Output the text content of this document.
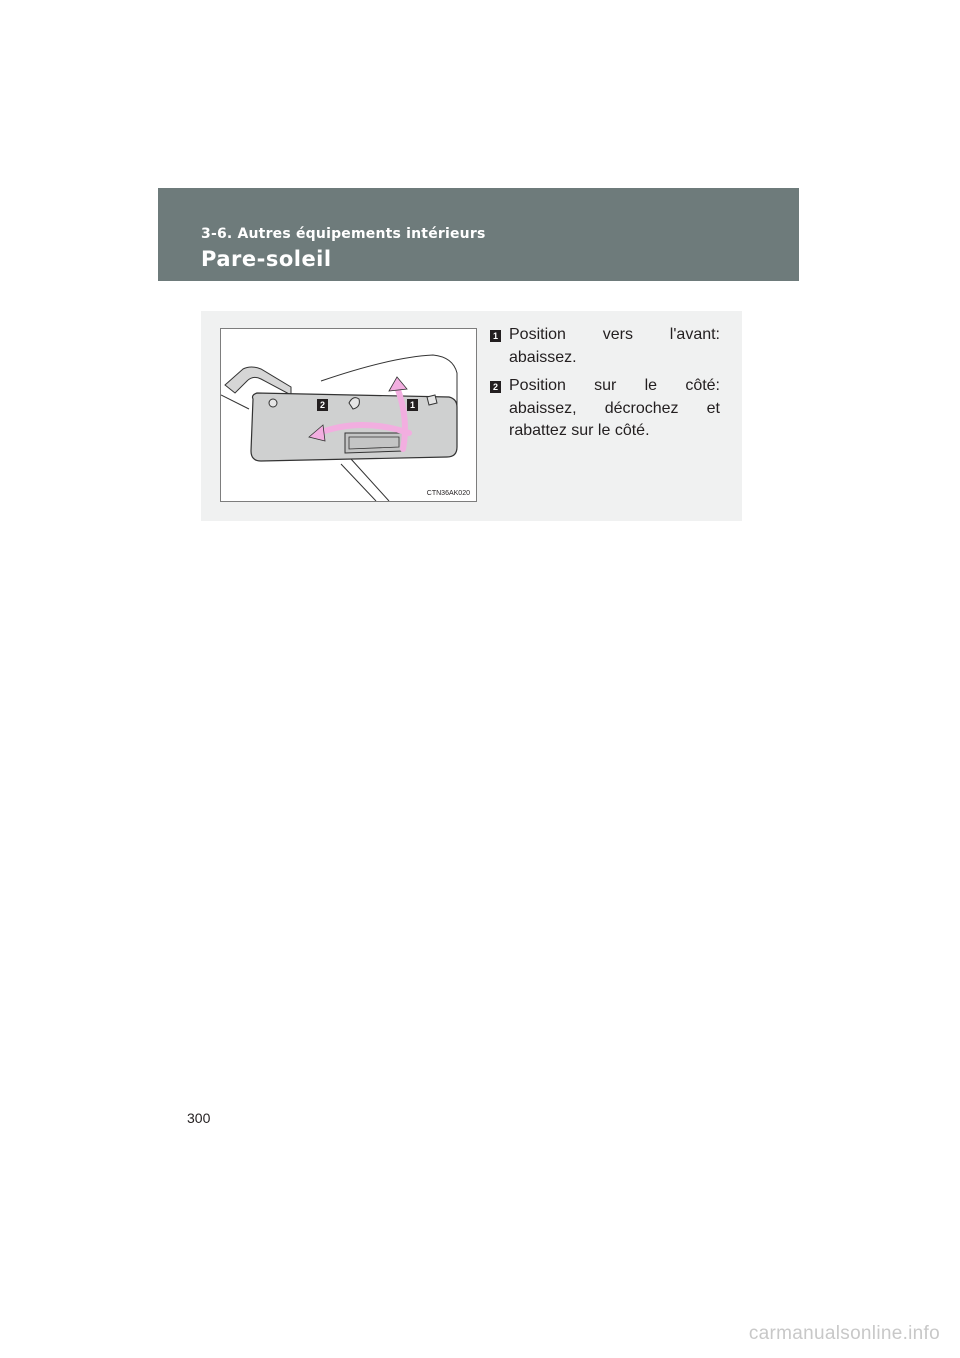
3-6. Autres équipements intérieurs
Pare-soleil
2	1
CTN36AK020
1 Position vers l'avant: abaissez.
2 Position sur le côté: abaissez, décrochez et rabattez sur le côté.
300
carmanualsonline.info
